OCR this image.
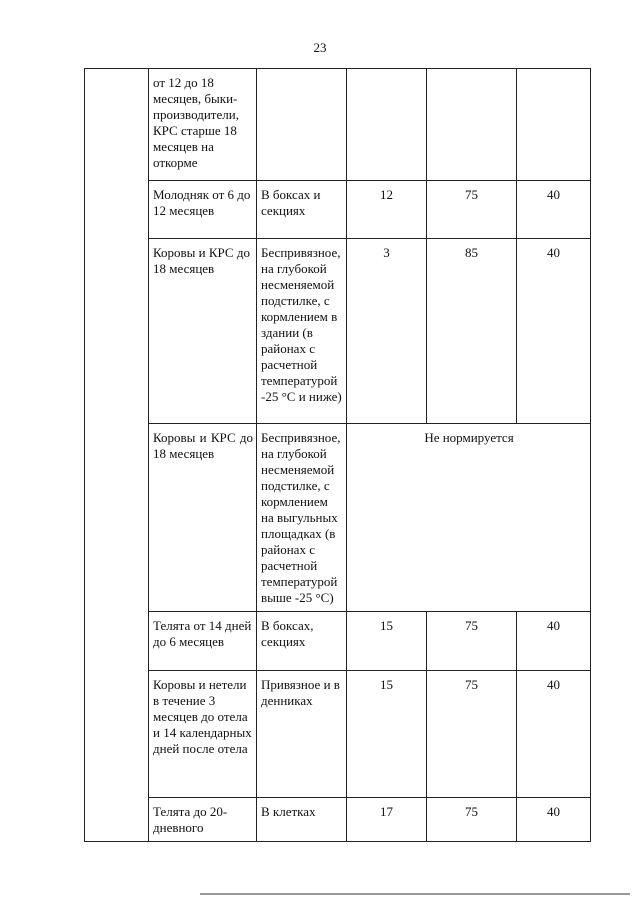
23
	от 12 до 18 месяцев, быки-производители, КРС старше 18 месяцев на откорме				
	Молодняк от 6 до 12 месяцев	В боксах и секциях	12	75	40
	Коровы и КРС до 18 месяцев	Беспривязное, на глубокой несменяемой подстилке, с кормлением в здании (в районах с расчетной температурой -25 °С и ниже)	3	85	40
	Коровы и КРС до 18 месяцев	Беспривязное, на глубокой несменяемой подстилке, с кормлением на выгульных площадках (в районах с расчетной температурой выше -25 °С)	Не нормируется		
	Телята от 14 дней до 6 месяцев	В боксах, секциях	15	75	40
	Коровы и нетели в течение 3 месяцев до отела и 14 календарных дней после отела	Привязное и в денниках	15	75	40
	Телята до 20-дневного	В клетках	17	75	40
